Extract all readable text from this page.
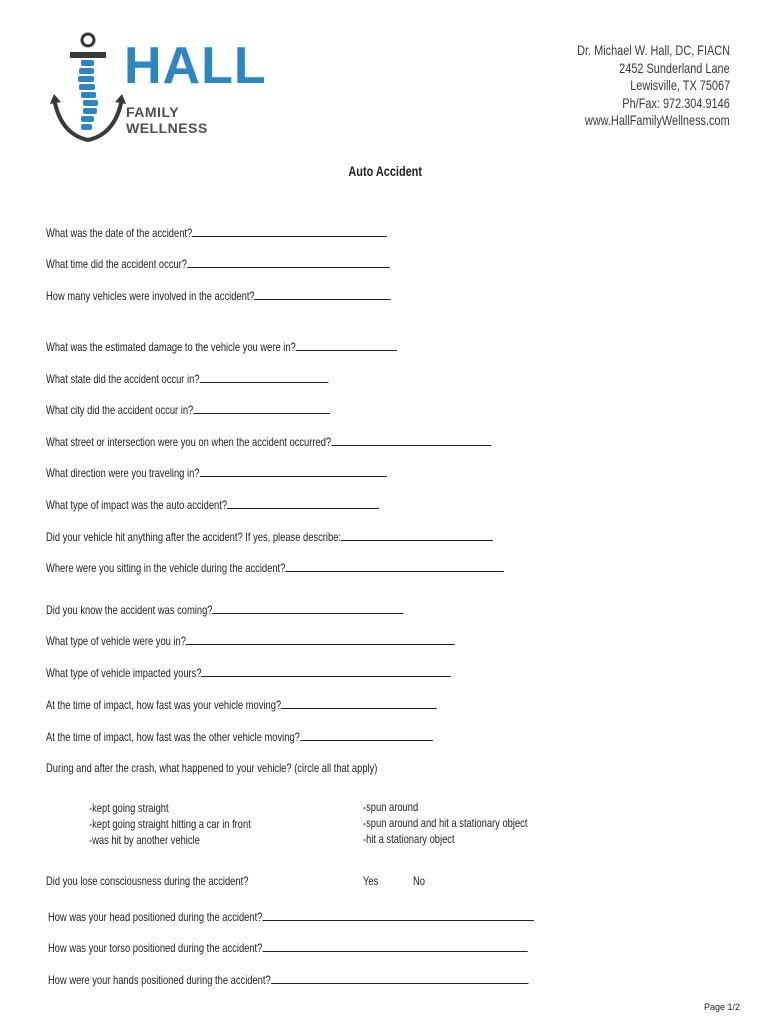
HALL
FAMILY WELLNESS
Dr. Michael W. Hall, DC, FIACN
2452 Sunderland Lane
Lewisville, TX 75067
Ph/Fax: 972.304.9146
www.HallFamilyWellness.com
Auto Accident
What was the date of the accident?
What time did the accident occur?
How many vehicles were involved in the accident?
What was the estimated damage to the vehicle you were in?
What state did the accident occur in?
What city did the accident occur in?
What street or intersection were you on when the accident occurred?
What direction were you traveling in?
What type of impact was the auto accident?
Did your vehicle hit anything after the accident? If yes, please describe:
Where were you sitting in the vehicle during the accident?
Did you know the accident was coming?
What type of vehicle were you in?
What type of vehicle impacted yours?
At the time of impact, how fast was your vehicle moving?
At the time of impact, how fast was the other vehicle moving?
During and after the crash, what happened to your vehicle? (circle all that apply)
-kept going straight
-kept going straight hitting a car in front
-was hit by another vehicle
-spun around
-spun around and hit a stationary object
-hit a stationary object
Did you lose consciousness during the accident?	Yes	No
How was your head positioned during the accident?
How was your torso positioned during the accident?
How were your hands positioned during the accident?
Page 1/2
